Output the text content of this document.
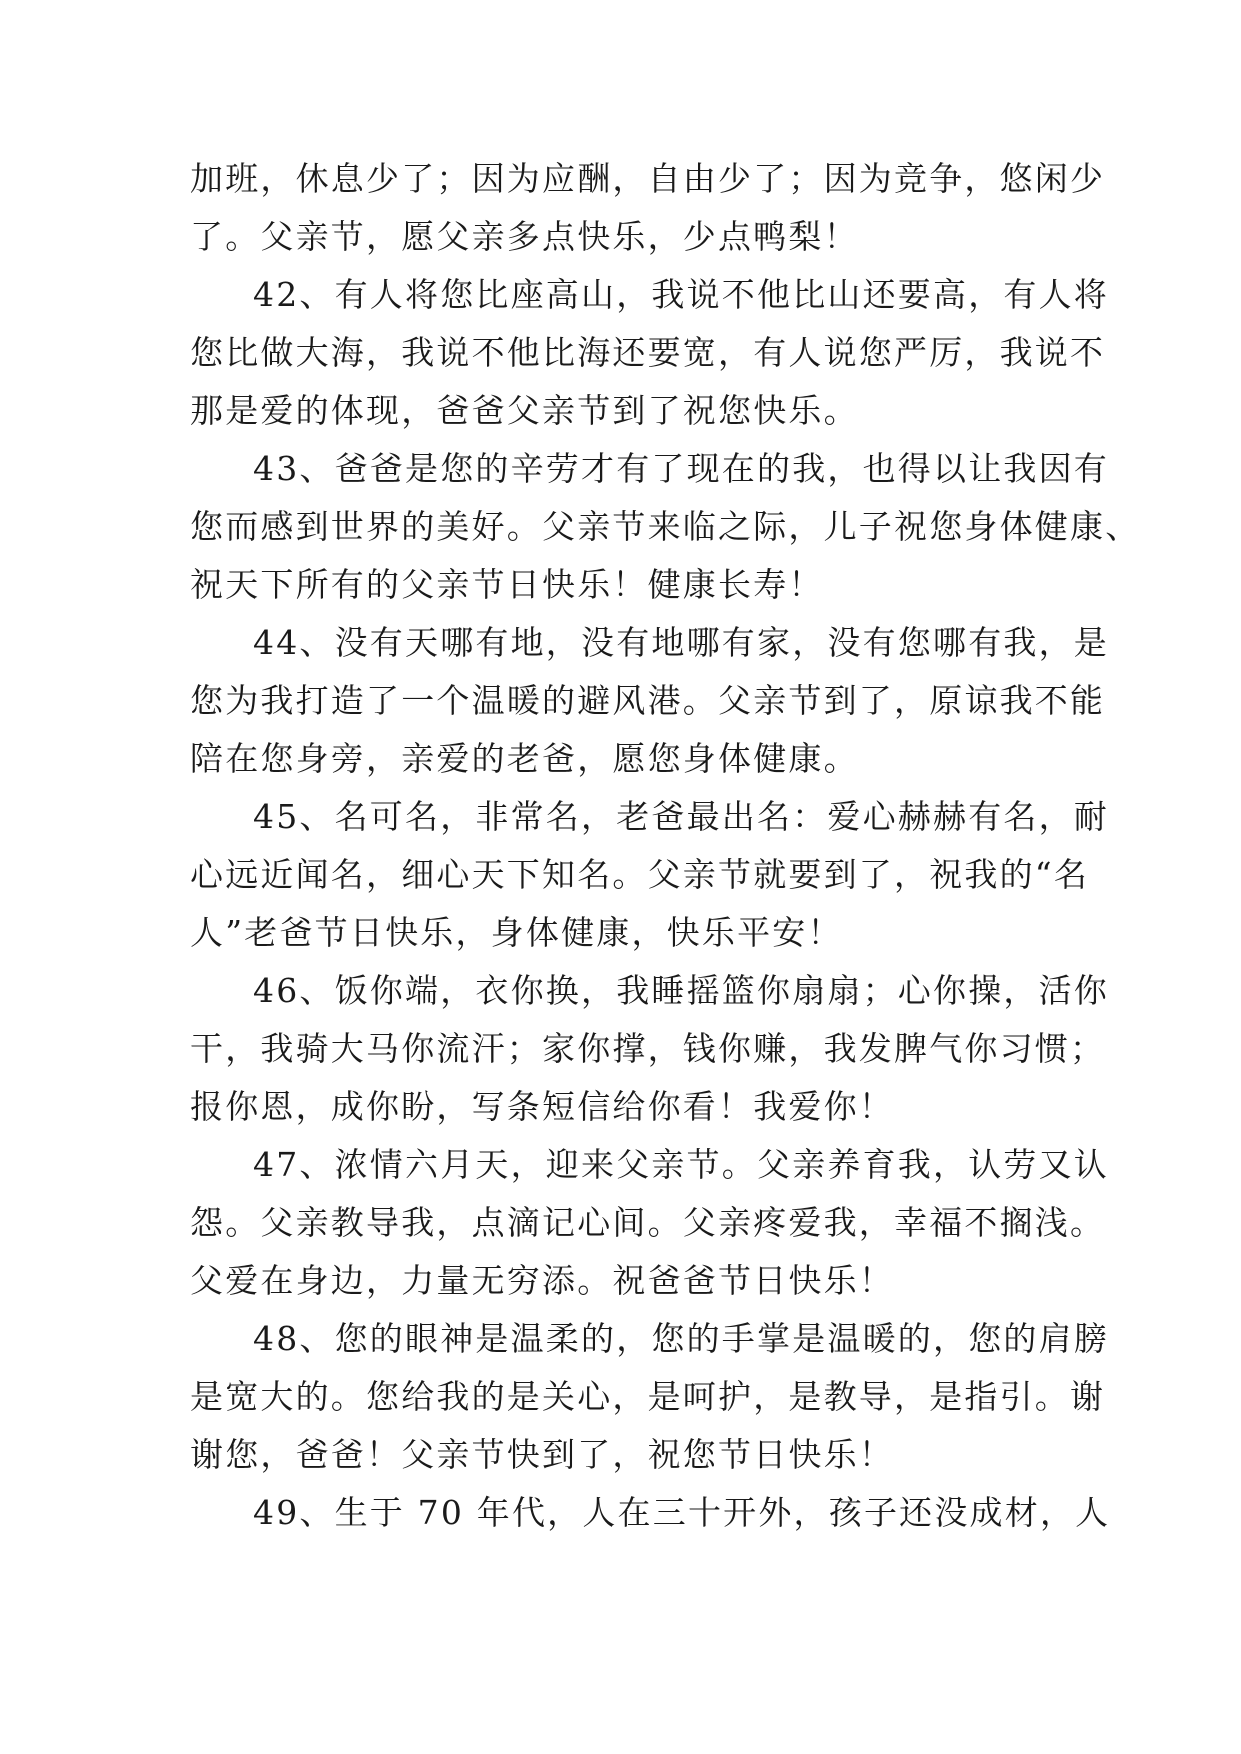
加班，休息少了；因为应酬，自由少了；因为竞争，悠闲少
了。父亲节，愿父亲多点快乐，少点鸭梨！
42、有人将您比座高山，我说不他比山还要高，有人将
您比做大海，我说不他比海还要宽，有人说您严厉，我说不
那是爱的体现，爸爸父亲节到了祝您快乐。
43、爸爸是您的辛劳才有了现在的我，也得以让我因有
您而感到世界的美好。父亲节来临之际，儿子祝您身体健康、
祝天下所有的父亲节日快乐！健康长寿！
44、没有天哪有地，没有地哪有家，没有您哪有我，是
您为我打造了一个温暖的避风港。父亲节到了，原谅我不能
陪在您身旁，亲爱的老爸，愿您身体健康。
45、名可名，非常名，老爸最出名：爱心赫赫有名，耐
心远近闻名，细心天下知名。父亲节就要到了，祝我的“名
人”老爸节日快乐，身体健康，快乐平安！
46、饭你端，衣你换，我睡摇篮你扇扇；心你操，活你
干，我骑大马你流汗；家你撑，钱你赚，我发脾气你习惯；
报你恩，成你盼，写条短信给你看！我爱你！
47、浓情六月天，迎来父亲节。父亲养育我，认劳又认
怨。父亲教导我，点滴记心间。父亲疼爱我，幸福不搁浅。
父爱在身边，力量无穷添。祝爸爸节日快乐！
48、您的眼神是温柔的，您的手掌是温暖的，您的肩膀
是宽大的。您给我的是关心，是呵护，是教导，是指引。谢
谢您，爸爸！父亲节快到了，祝您节日快乐！
49、生于 70 年代，人在三十开外，孩子还没成材，人
